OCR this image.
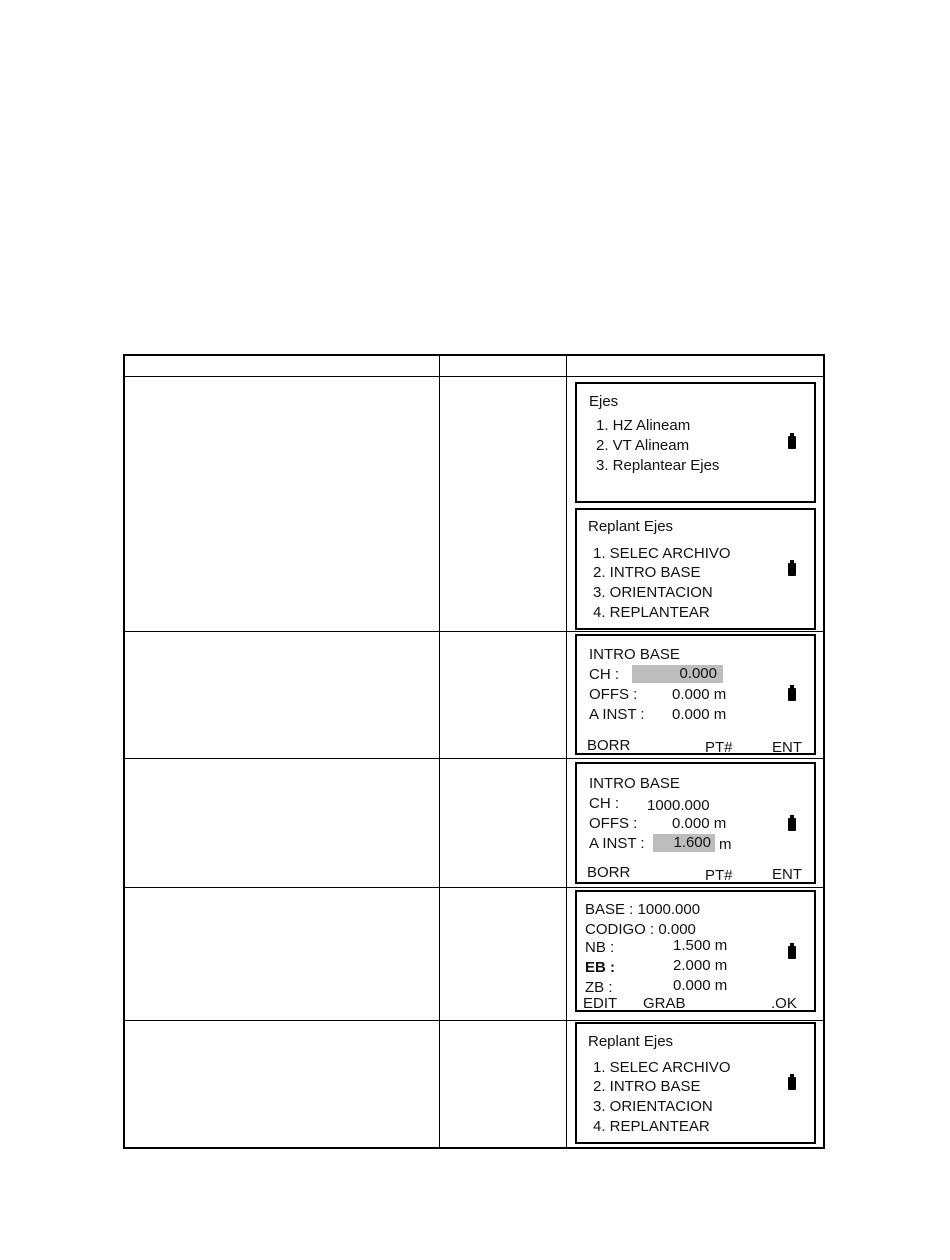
Ejes
1. HZ Alineam
2. VT Alineam
3. Replantear Ejes
Replant Ejes
1. SELEC ARCHIVO
2. INTRO BASE
3. ORIENTACION
4. REPLANTEAR
INTRO BASE
CH :	0.000
OFFS : 0.000 m
A INST : 0.000 m
BORR	PT#	ENT
INTRO BASE
CH : 1000.000
OFFS : 0.000 m
A INST :	1.600 m
BORR	PT#	ENT
BASE : 1000.000
CODIGO : 0.000
NB :	1.500 m
EB :	2.000 m
ZB :	0.000 m
EDIT GRAB	.OK
Replant Ejes
1. SELEC ARCHIVO
2. INTRO BASE
3. ORIENTACION
4. REPLANTEAR
